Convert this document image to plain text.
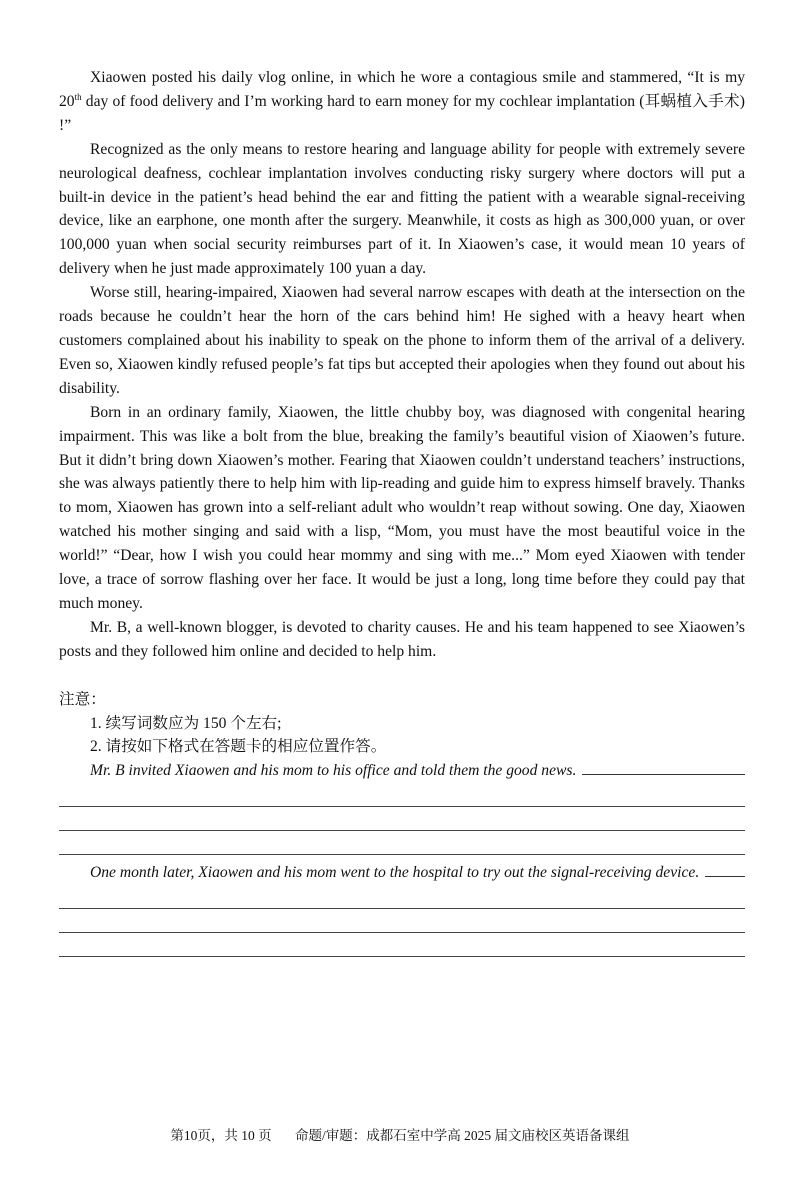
Xiaowen posted his daily vlog online, in which he wore a contagious smile and stammered, “It is my 20th day of food delivery and I’m working hard to earn money for my cochlear implantation (耳蜗植入手术) !”

Recognized as the only means to restore hearing and language ability for people with extremely severe neurological deafness, cochlear implantation involves conducting risky surgery where doctors will put a built-in device in the patient’s head behind the ear and fitting the patient with a wearable signal-receiving device, like an earphone, one month after the surgery. Meanwhile, it costs as high as 300,000 yuan, or over 100,000 yuan when social security reimburses part of it. In Xiaowen’s case, it would mean 10 years of delivery when he just made approximately 100 yuan a day.

Worse still, hearing-impaired, Xiaowen had several narrow escapes with death at the intersection on the roads because he couldn’t hear the horn of the cars behind him! He sighed with a heavy heart when customers complained about his inability to speak on the phone to inform them of the arrival of a delivery. Even so, Xiaowen kindly refused people’s fat tips but accepted their apologies when they found out about his disability.

Born in an ordinary family, Xiaowen, the little chubby boy, was diagnosed with congenital hearing impairment. This was like a bolt from the blue, breaking the family’s beautiful vision of Xiaowen’s future. But it didn’t bring down Xiaowen’s mother. Fearing that Xiaowen couldn’t understand teachers’ instructions, she was always patiently there to help him with lip-reading and guide him to express himself bravely. Thanks to mom, Xiaowen has grown into a self-reliant adult who wouldn’t reap without sowing. One day, Xiaowen watched his mother singing and said with a lisp, “Mom, you must have the most beautiful voice in the world!” “Dear, how I wish you could hear mommy and sing with me...” Mom eyed Xiaowen with tender love, a trace of sorrow flashing over her face. It would be just a long, long time before they could pay that much money.

Mr. B, a well-known blogger, is devoted to charity causes. He and his team happened to see Xiaowen’s posts and they followed him online and decided to help him.

注意：
1. 续写词数应为 150 个左右;
2. 请按如下格式在答题卡的相应位置作答。
Mr. B invited Xiaowen and his mom to his office and told them the good news.
One month later, Xiaowen and his mom went to the hospital to try out the signal-receiving device.
第10页，共 10 页 命题/审题：成都石室中学高 2025 届文庙校区英语备课组
